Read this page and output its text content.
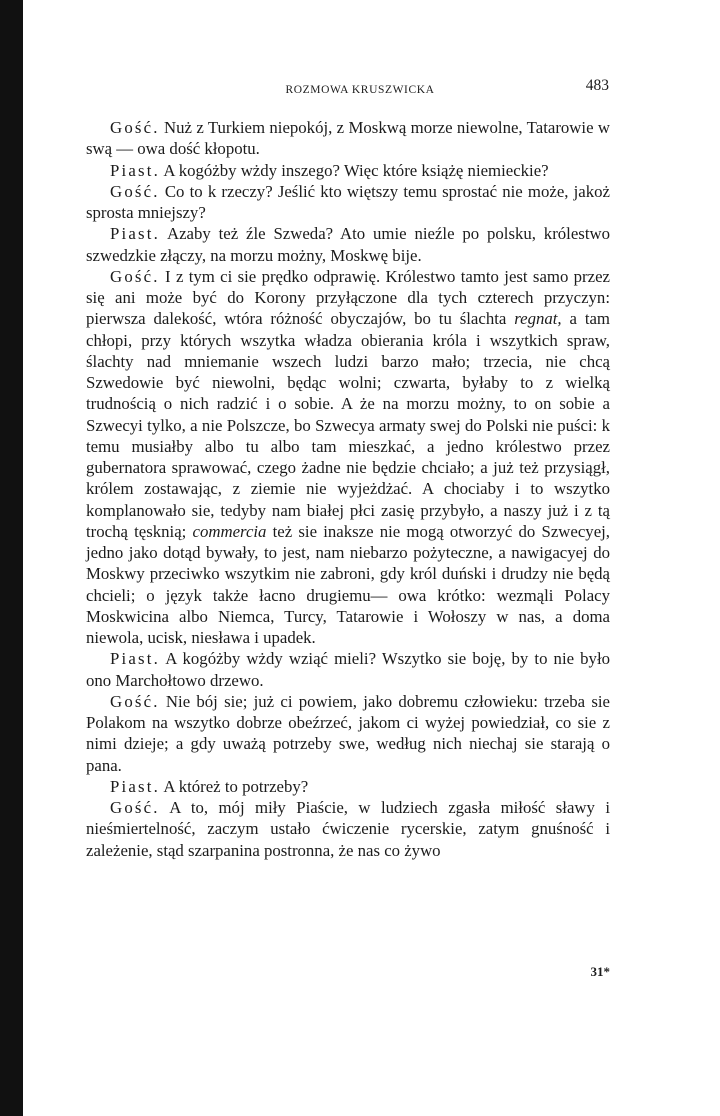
ROZMOWA KRUSZWICKA	483

Gość. Nuż z Turkiem niepokój, z Moskwą morze niewolne, Tatarowie w swą — owa dość kłopotu.

Piast. A kogóżby wżdy inszego? Więc które książę niemieckie?

Gość. Co to k rzeczy? Jeślić kto więtszy temu sprostać nie może, jakoż sprosta mniejszy?

Piast. Azaby też źle Szweda? Ato umie nieźle po polsku, królestwo szwedzkie złączy, na morzu możny, Moskwę bije.

Gość. I z tym ci sie prędko odprawię. Królestwo tamto jest samo przez się ani może być do Korony przyłączone dla tych czterech przyczyn: pierwsza dalekość, wtóra różność obyczajów, bo tu ślachta regnat, a tam chłopi, przy których wszytka władza obierania króla i wszytkich spraw, ślachty nad mniemanie wszech ludzi barzo mało; trzecia, nie chcą Szwedowie być niewolni, będąc wolni; czwarta, byłaby to z wielką trudnością o nich radzić i o sobie. A że na morzu możny, to on sobie a Szwecyi tylko, a nie Polszcze, bo Szwecya armaty swej do Polski nie puści: k temu musiałby albo tu albo tam mieszkać, a jedno królestwo przez gubernatora sprawować, czego żadne nie będzie chciało; a już też przysiągł, królem zostawając, z ziemie nie wyjeżdżać. A chociaby i to wszytko komplanowało sie, tedyby nam białej płci zasię przybyło, a naszy już i z tą trochą tęsknią; commercia też sie inaksze nie mogą otworzyć do Szwecyej, jedno jako dotąd bywały, to jest, nam niebarzo pożyteczne, a nawigacyej do Moskwy przeciwko wszytkim nie zabroni, gdy król duński i drudzy nie będą chcieli; o język także łacno drugiemu— owa krótko: wezmąli Polacy Moskwicina albo Niemca, Turcy, Tatarowie i Wołoszy w nas, a doma niewola, ucisk, niesława i upadek.

Piast. A kogóżby wżdy wziąć mieli? Wszytko sie boję, by to nie było ono Marchołtowo drzewo.

Gość. Nie bój sie; już ci powiem, jako dobremu człowieku: trzeba sie Polakom na wszytko dobrze obeźrzeć, jakom ci wyżej powiedział, co sie z nimi dzieje; a gdy uważą potrzeby swe, według nich niechaj sie starają o pana.

Piast. A któreż to potrzeby?

Gość. A to, mój miły Piaście, w ludziech zgasła miłość sławy i nieśmiertelność, zaczym ustało ćwiczenie rycerskie, zatym gnuśność i zależenie, stąd szarpanina postronna, że nas co żywo

31*
